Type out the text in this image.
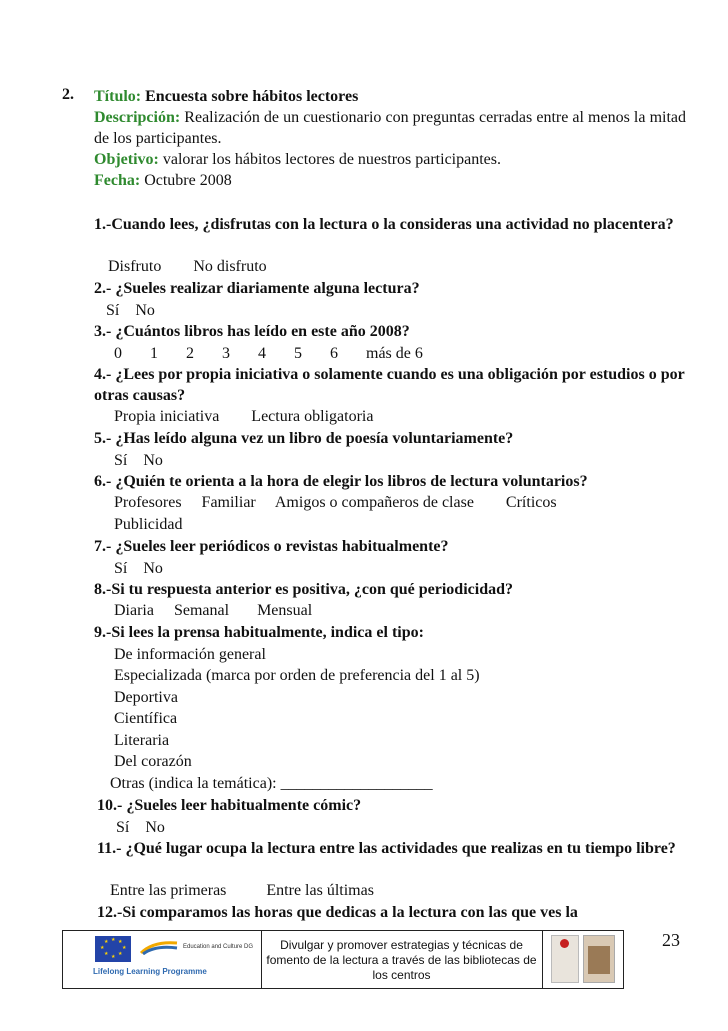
2. Título: Encuesta sobre hábitos lectores
Descripción: Realización de un cuestionario con preguntas cerradas entre al menos la mitad de los participantes.
Objetivo: valorar los hábitos lectores de nuestros participantes.
Fecha: Octubre 2008
1.-Cuando lees, ¿disfrutas con la lectura o la consideras una actividad no placentera?
Disfruto        No disfruto
2.- ¿Sueles realizar diariamente alguna lectura?
Sí    No
3.- ¿Cuántos libros has leído en este año 2008?
0       1       2       3       4       5       6       más de 6
4.- ¿Lees por propia iniciativa o solamente cuando es una obligación por estudios o por otras causas?
Propia iniciativa        Lectura obligatoria
5.- ¿Has leído alguna vez un libro de poesía voluntariamente?
Sí    No
6.- ¿Quién te orienta a la hora de elegir los libros de lectura voluntarios?
Profesores     Familiar     Amigos o compañeros de clase        Críticos
Publicidad
7.- ¿Sueles leer periódicos o revistas habitualmente?
Sí    No
8.-Si tu respuesta anterior es positiva, ¿con qué periodicidad?
Diaria     Semanal       Mensual
9.-Si lees la prensa habitualmente, indica el tipo:
De información general
Especializada (marca por orden de preferencia del 1 al 5)
Deportiva
Científica
Literaria
Del corazón
Otras (indica la temática): ___________________
10.- ¿Sueles leer habitualmente cómic?
Sí    No
11.- ¿Qué lugar ocupa la lectura entre las actividades que realizas en tu tiempo libre?
Entre las primeras          Entre las últimas
12.-Si comparamos las horas que dedicas a la lectura con las que ves la
★ ★
★
★
★
★
★
★
Education and Culture DG
Lifelong Learning Programme
Divulgar y promover estrategias y técnicas de fomento de la lectura a través de las bibliotecas de los centros
23
